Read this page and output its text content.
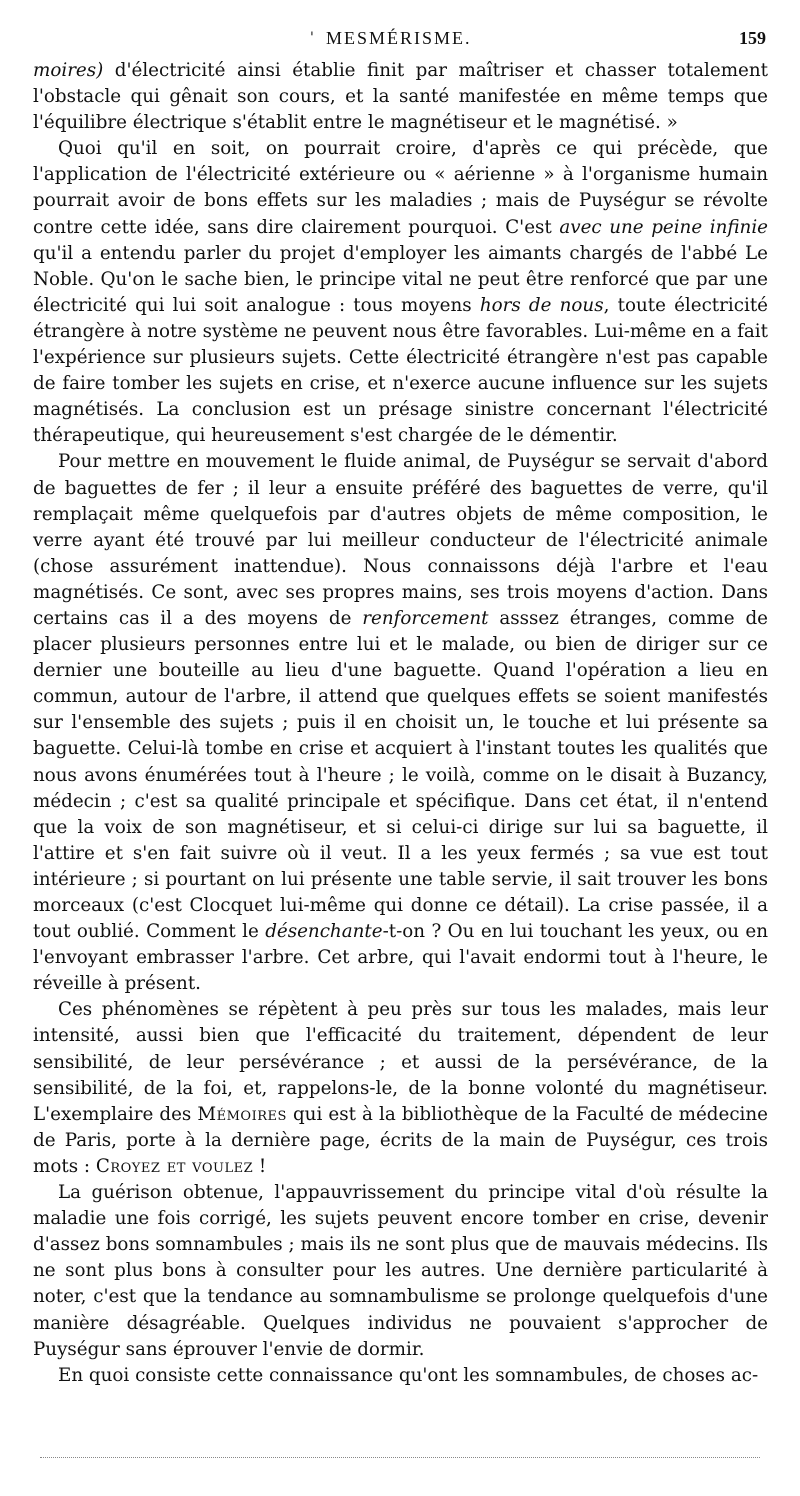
' MESMÉRISME.	159

moires) d'électricité ainsi établie finit par maîtriser et chasser totalement l'obstacle qui gênait son cours, et la santé manifestée en même temps que l'équilibre électrique s'établit entre le magnétiseur et le magnétisé. »

Quoi qu'il en soit, on pourrait croire, d'après ce qui précède, que l'application de l'électricité extérieure ou « aérienne » à l'organisme humain pourrait avoir de bons effets sur les maladies ; mais de Puységur se révolte contre cette idée, sans dire clairement pourquoi. C'est avec une peine infinie qu'il a entendu parler du projet d'employer les aimants chargés de l'abbé Le Noble. Qu'on le sache bien, le principe vital ne peut être renforcé que par une électricité qui lui soit analogue : tous moyens hors de nous, toute électricité étrangère à notre système ne peuvent nous être favorables. Lui-même en a fait l'expérience sur plusieurs sujets. Cette électricité étrangère n'est pas capable de faire tomber les sujets en crise, et n'exerce aucune influence sur les sujets magnétisés. La conclusion est un présage sinistre concernant l'électricité thérapeutique, qui heureusement s'est chargée de le démentir.

Pour mettre en mouvement le fluide animal, de Puységur se servait d'abord de baguettes de fer ; il leur a ensuite préféré des baguettes de verre, qu'il remplaçait même quelquefois par d'autres objets de même composition, le verre ayant été trouvé par lui meilleur conducteur de l'électricité animale (chose assurément inattendue). Nous connaissons déjà l'arbre et l'eau magnétisés. Ce sont, avec ses propres mains, ses trois moyens d'action. Dans certains cas il a des moyens de renforcement asssez étranges, comme de placer plusieurs personnes entre lui et le malade, ou bien de diriger sur ce dernier une bouteille au lieu d'une baguette. Quand l'opération a lieu en commun, autour de l'arbre, il attend que quelques effets se soient manifestés sur l'ensemble des sujets ; puis il en choisit un, le touche et lui présente sa baguette. Celui-là tombe en crise et acquiert à l'instant toutes les qualités que nous avons énumérées tout à l'heure ; le voilà, comme on le disait à Buzancy, médecin ; c'est sa qualité principale et spécifique. Dans cet état, il n'entend que la voix de son magnétiseur, et si celui-ci dirige sur lui sa baguette, il l'attire et s'en fait suivre où il veut. Il a les yeux fermés ; sa vue est tout intérieure ; si pourtant on lui présente une table servie, il sait trouver les bons morceaux (c'est Clocquet lui-même qui donne ce détail). La crise passée, il a tout oublié. Comment le désenchante-t-on ? Ou en lui touchant les yeux, ou en l'envoyant embrasser l'arbre. Cet arbre, qui l'avait endormi tout à l'heure, le réveille à présent.

Ces phénomènes se répètent à peu près sur tous les malades, mais leur intensité, aussi bien que l'efficacité du traitement, dépendent de leur sensibilité, de leur persévérance ; et aussi de la persévérance, de la sensibilité, de la foi, et, rappelons-le, de la bonne volonté du magnétiseur. L'exemplaire des Mémoires qui est à la bibliothèque de la Faculté de médecine de Paris, porte à la dernière page, écrits de la main de Puységur, ces trois mots : Croyez et voulez !

La guérison obtenue, l'appauvrissement du principe vital d'où résulte la maladie une fois corrigé, les sujets peuvent encore tomber en crise, devenir d'assez bons somnambules ; mais ils ne sont plus que de mauvais médecins. Ils ne sont plus bons à consulter pour les autres. Une dernière particularité à noter, c'est que la tendance au somnambulisme se prolonge quelquefois d'une manière désagréable. Quelques individus ne pouvaient s'approcher de Puységur sans éprouver l'envie de dormir.

En quoi consiste cette connaissance qu'ont les somnambules, de choses ac-
